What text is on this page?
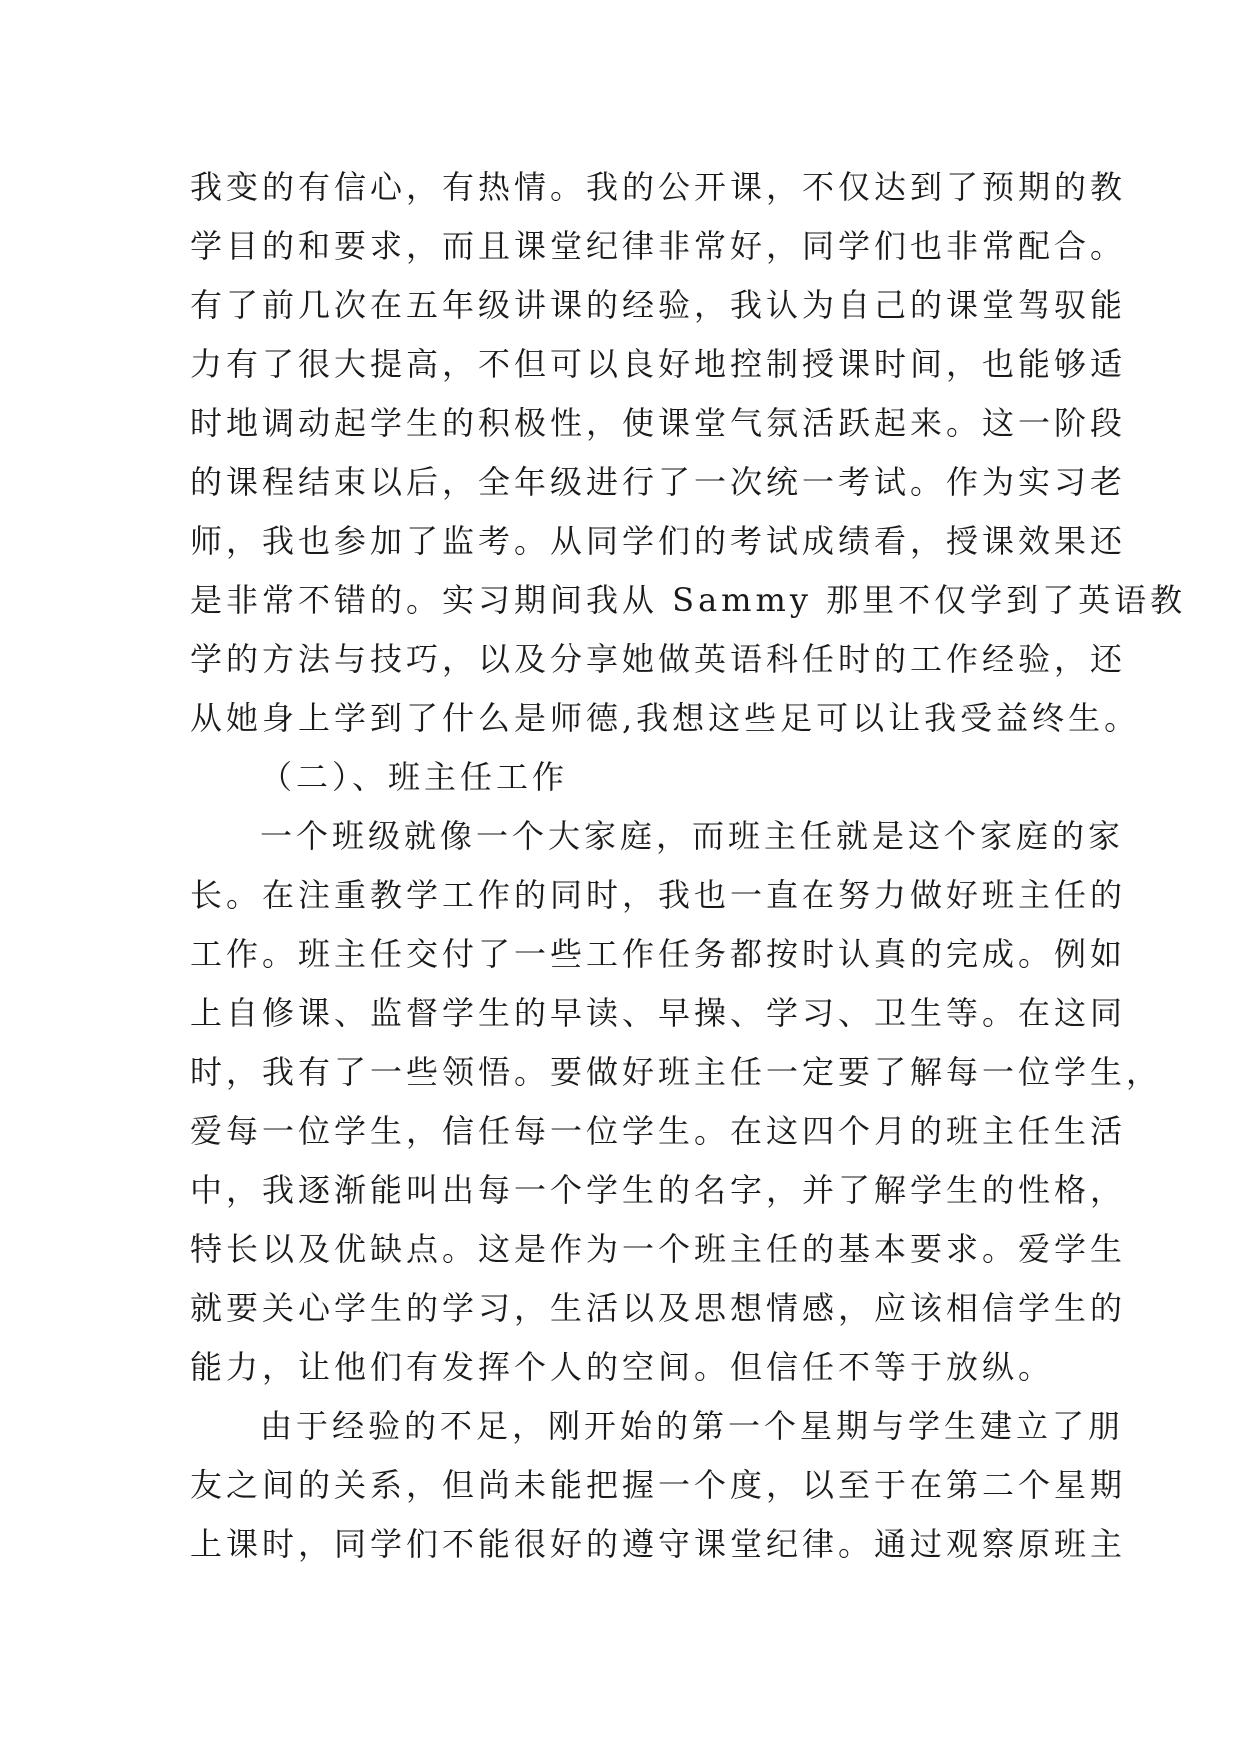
我变的有信心，有热情。我的公开课，不仅达到了预期的教
学目的和要求，而且课堂纪律非常好，同学们也非常配合。
有了前几次在五年级讲课的经验，我认为自己的课堂驾驭能
力有了很大提高，不但可以良好地控制授课时间，也能够适
时地调动起学生的积极性，使课堂气氛活跃起来。这一阶段
的课程结束以后，全年级进行了一次统一考试。作为实习老
师，我也参加了监考。从同学们的考试成绩看，授课效果还
是非常不错的。实习期间我从 Sammy 那里不仅学到了英语教
学的方法与技巧，以及分享她做英语科任时的工作经验，还
从她身上学到了什么是师德,我想这些足可以让我受益终生。
（二）、班主任工作
一个班级就像一个大家庭，而班主任就是这个家庭的家
长。在注重教学工作的同时，我也一直在努力做好班主任的
工作。班主任交付了一些工作任务都按时认真的完成。例如
上自修课、监督学生的早读、早操、学习、卫生等。在这同
时，我有了一些领悟。要做好班主任一定要了解每一位学生，
爱每一位学生，信任每一位学生。在这四个月的班主任生活
中，我逐渐能叫出每一个学生的名字，并了解学生的性格，
特长以及优缺点。这是作为一个班主任的基本要求。爱学生
就要关心学生的学习，生活以及思想情感，应该相信学生的
能力，让他们有发挥个人的空间。但信任不等于放纵。
由于经验的不足，刚开始的第一个星期与学生建立了朋
友之间的关系，但尚未能把握一个度，以至于在第二个星期
上课时，同学们不能很好的遵守课堂纪律。通过观察原班主
